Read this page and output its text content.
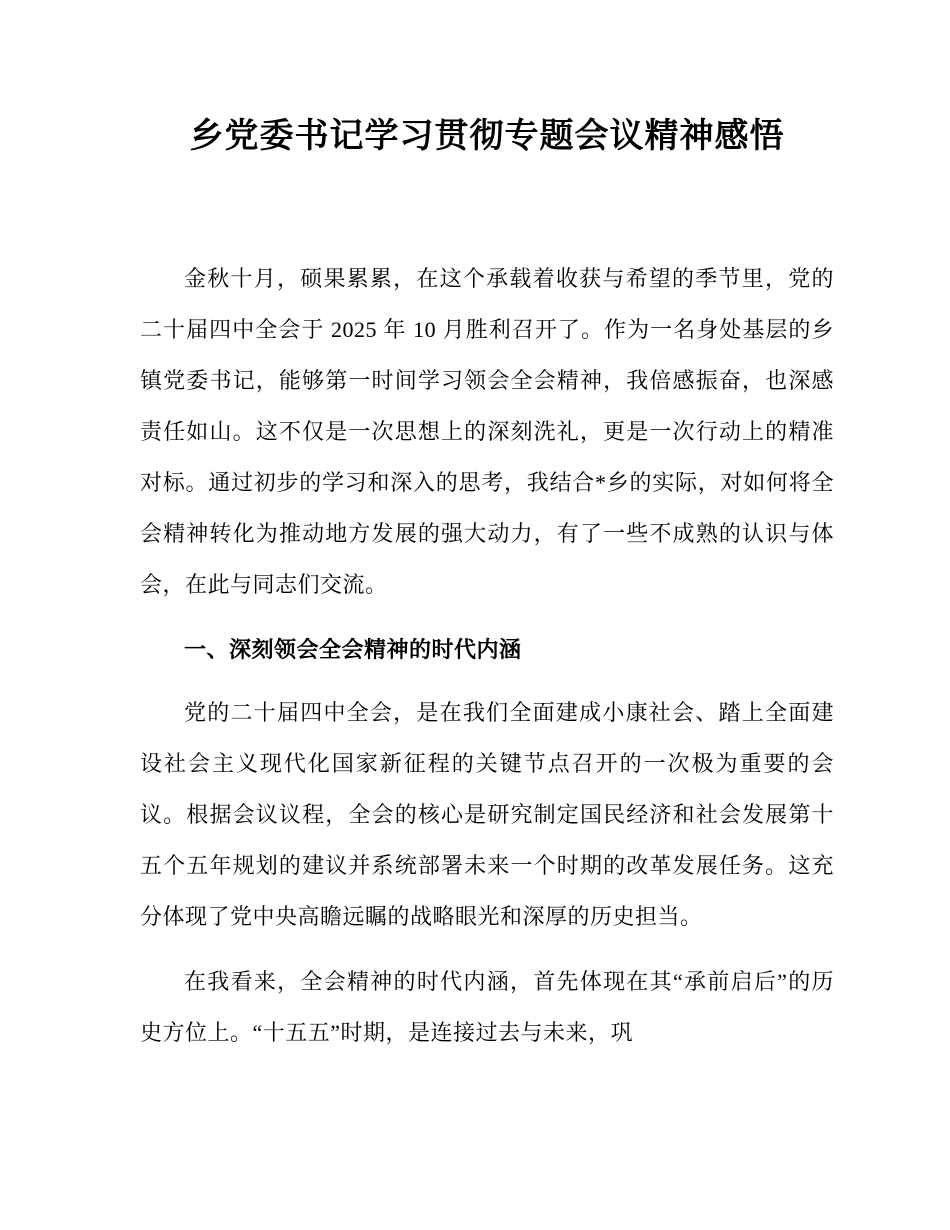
乡党委书记学习贯彻专题会议精神感悟

金秋十月，硕果累累，在这个承载着收获与希望的季节里，党的二十届四中全会于 2025 年 10 月胜利召开了。作为一名身处基层的乡镇党委书记，能够第一时间学习领会全会精神，我倍感振奋，也深感责任如山。这不仅是一次思想上的深刻洗礼，更是一次行动上的精准对标。通过初步的学习和深入的思考，我结合*乡的实际，对如何将全会精神转化为推动地方发展的强大动力，有了一些不成熟的认识与体会，在此与同志们交流。

一、深刻领会全会精神的时代内涵

党的二十届四中全会，是在我们全面建成小康社会、踏上全面建设社会主义现代化国家新征程的关键节点召开的一次极为重要的会议。根据会议议程，全会的核心是研究制定国民经济和社会发展第十五个五年规划的建议并系统部署未来一个时期的改革发展任务。这充分体现了党中央高瞻远瞩的战略眼光和深厚的历史担当。

在我看来，全会精神的时代内涵，首先体现在其“承前启后”的历史方位上。“十五五”时期，是连接过去与未来，巩
